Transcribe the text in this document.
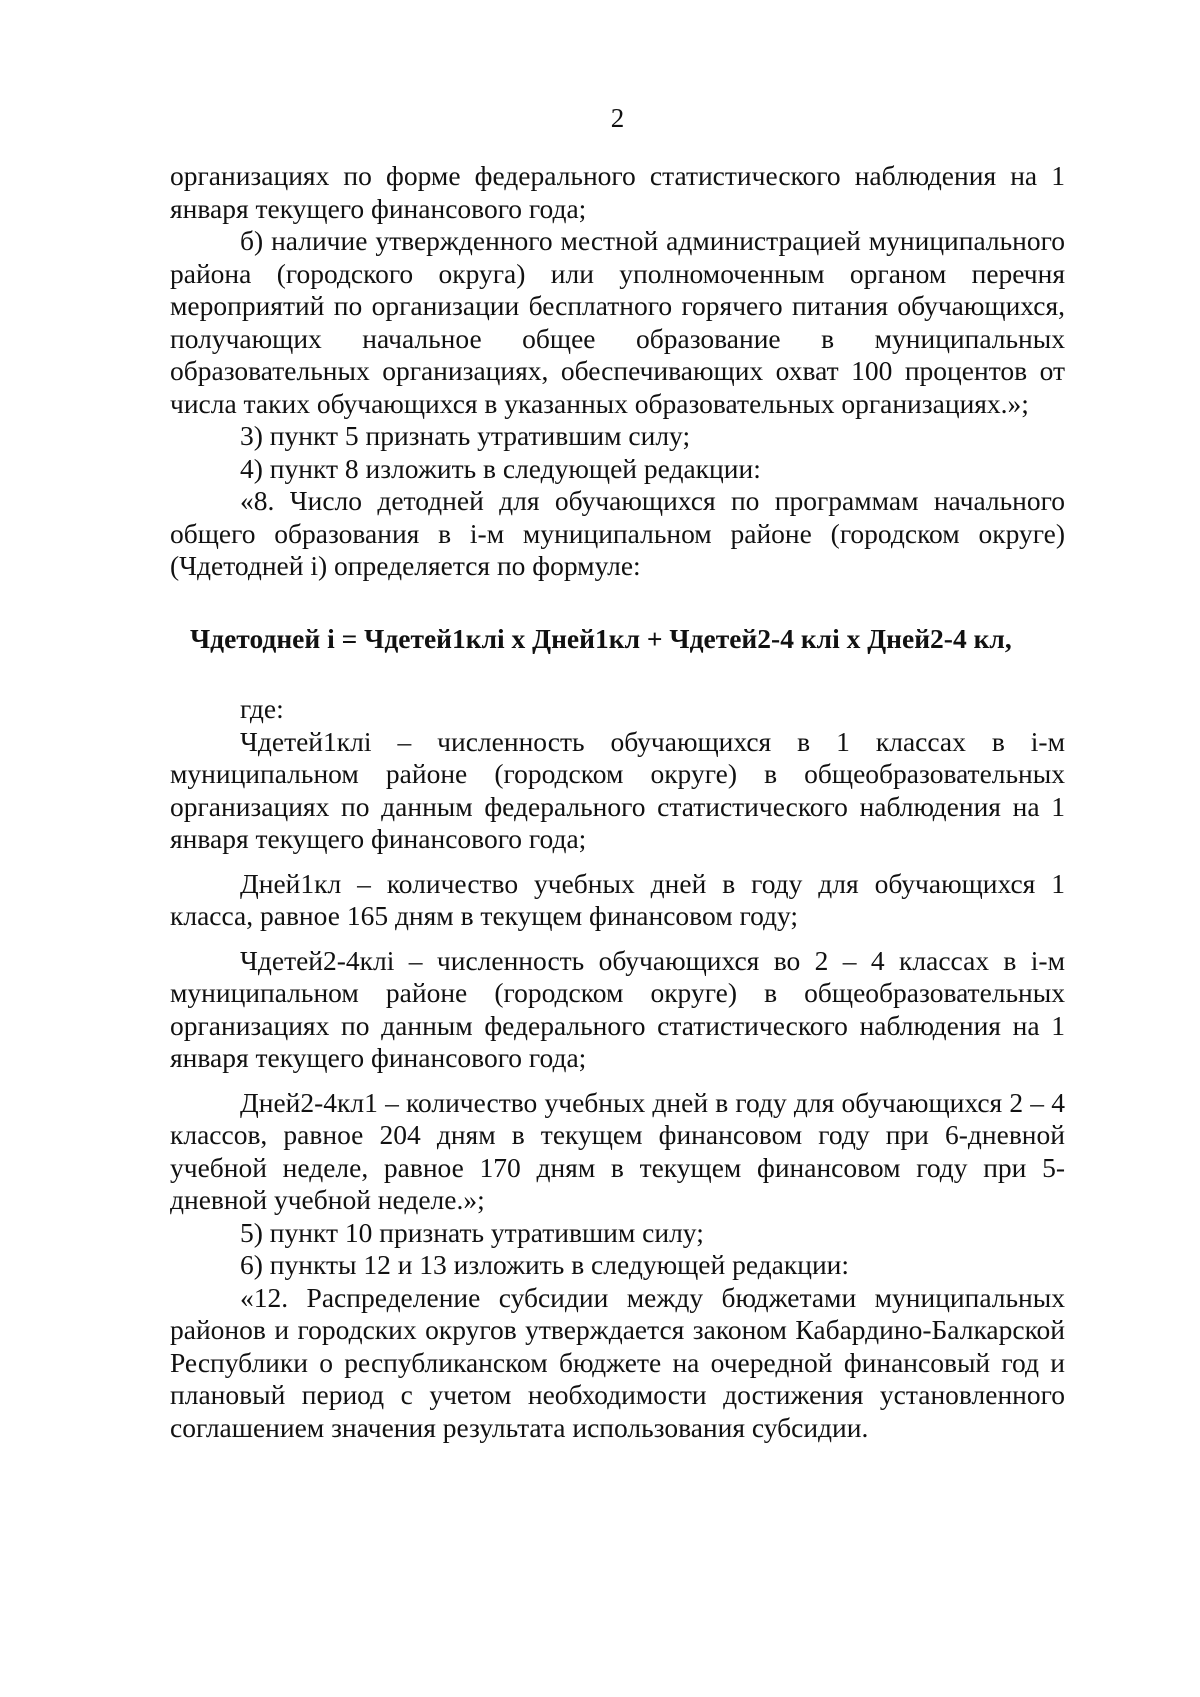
2

организациях по форме федерального статистического наблюдения на 1 января текущего финансового года;

б) наличие утвержденного местной администрацией муниципального района (городского округа) или уполномоченным органом перечня мероприятий по организации бесплатного горячего питания обучающихся, получающих начальное общее образование в муниципальных образовательных организациях, обеспечивающих охват 100 процентов от числа таких обучающихся в указанных образовательных организациях.»;

3) пункт 5 признать утратившим силу;

4) пункт 8 изложить в следующей редакции:

«8. Число детодней для обучающихся по программам начального общего образования в i-м муниципальном районе (городском округе) (Чдетодней i) определяется по формуле:

Чдетодней i = Чдетей1клi х Дней1кл + Чдетей2-4 клi х Дней2-4 кл,

где:

Чдетей1клi – численность обучающихся в 1 классах в i-м муниципальном районе (городском округе) в общеобразовательных организациях по данным федерального статистического наблюдения на 1 января текущего финансового года;

Дней1кл – количество учебных дней в году для обучающихся 1 класса, равное 165 дням в текущем финансовом году;

Чдетей2-4клi – численность обучающихся во 2 – 4 классах в i-м муниципальном районе (городском округе) в общеобразовательных организациях по данным федерального статистического наблюдения на 1 января текущего финансового года;

Дней2-4кл1 – количество учебных дней в году для обучающихся 2 – 4 классов, равное 204 дням в текущем финансовом году при 6-дневной учебной неделе, равное 170 дням в текущем финансовом году при 5-дневной учебной неделе.»;

5) пункт 10 признать утратившим силу;

6) пункты 12 и 13 изложить в следующей редакции:

«12. Распределение субсидии между бюджетами муниципальных районов и городских округов утверждается законом Кабардино-Балкарской Республики о республиканском бюджете на очередной финансовый год и плановый период с учетом необходимости достижения установленного соглашением значения результата использования субсидии.
